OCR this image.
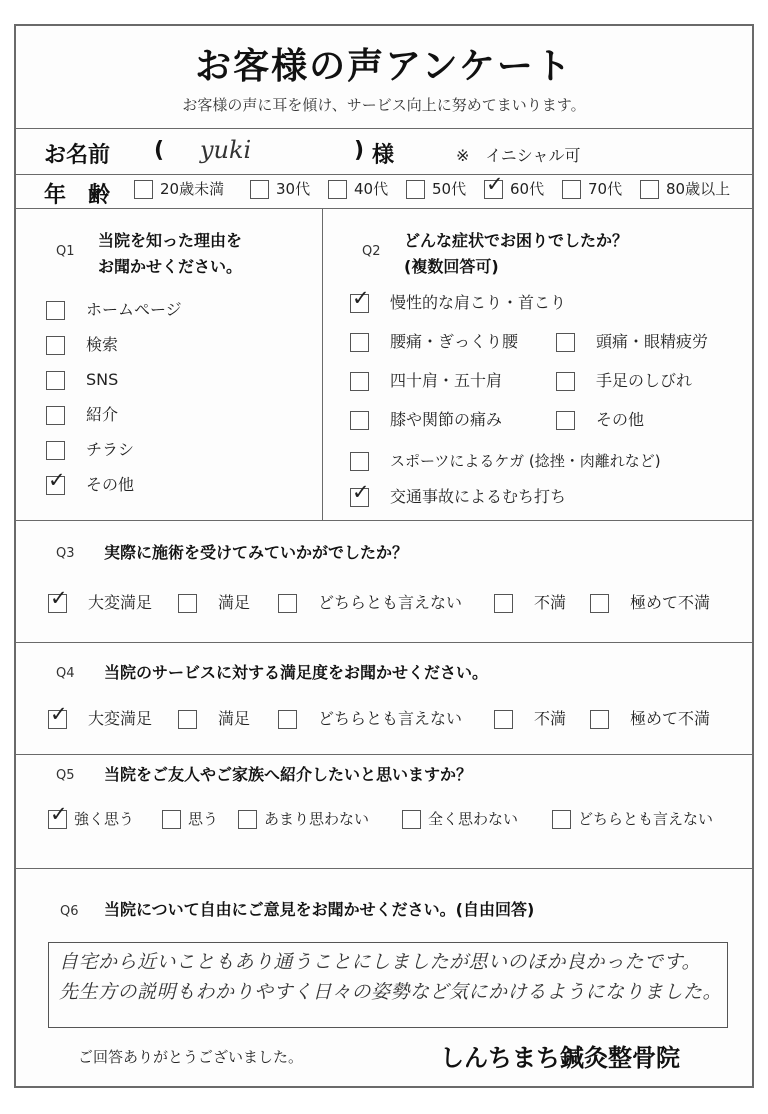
お客様の声アンケート
お客様の声に耳を傾け、サービス向上に努めてまいります。
お名前 ( yuki	) 様	※　イニシャル可
年　齢	20歳未満	30代	40代	50代 ✓ 60代	70代	80歳以上
Q1
当院を知った理由を
お聞かせください。
ホームページ
検索
SNS
紹介
チラシ
✓ その他
Q2
どんな症状でお困りでしたか？
(複数回答可)
✓ 慢性的な肩こり・首こり
腰痛・ぎっくり腰	頭痛・眼精疲労
四十肩・五十肩	手足のしびれ
膝や関節の痛み	その他
スポーツによるケガ (捻挫・肉離れなど)
✓ 交通事故によるむち打ち
Q3 実際に施術を受けてみていかがでしたか？
✓ 大変満足	満足	どちらとも言えない	不満	極めて不満
Q4 当院のサービスに対する満足度をお聞かせください。
✓ 大変満足	満足	どちらとも言えない	不満	極めて不満
Q5 当院をご友人やご家族へ紹介したいと思いますか？
✓ 強く思う	思う	あまり思わない	全く思わない	どちらとも言えない
Q6 当院について自由にご意見をお聞かせください。(自由回答)
自宅から近いこともあり通うことにしましたが思いのほか良かったです。
先生方の説明もわかりやすく日々の姿勢など気にかけるようになりました。
ご回答ありがとうございました。	しんちまち鍼灸整骨院
